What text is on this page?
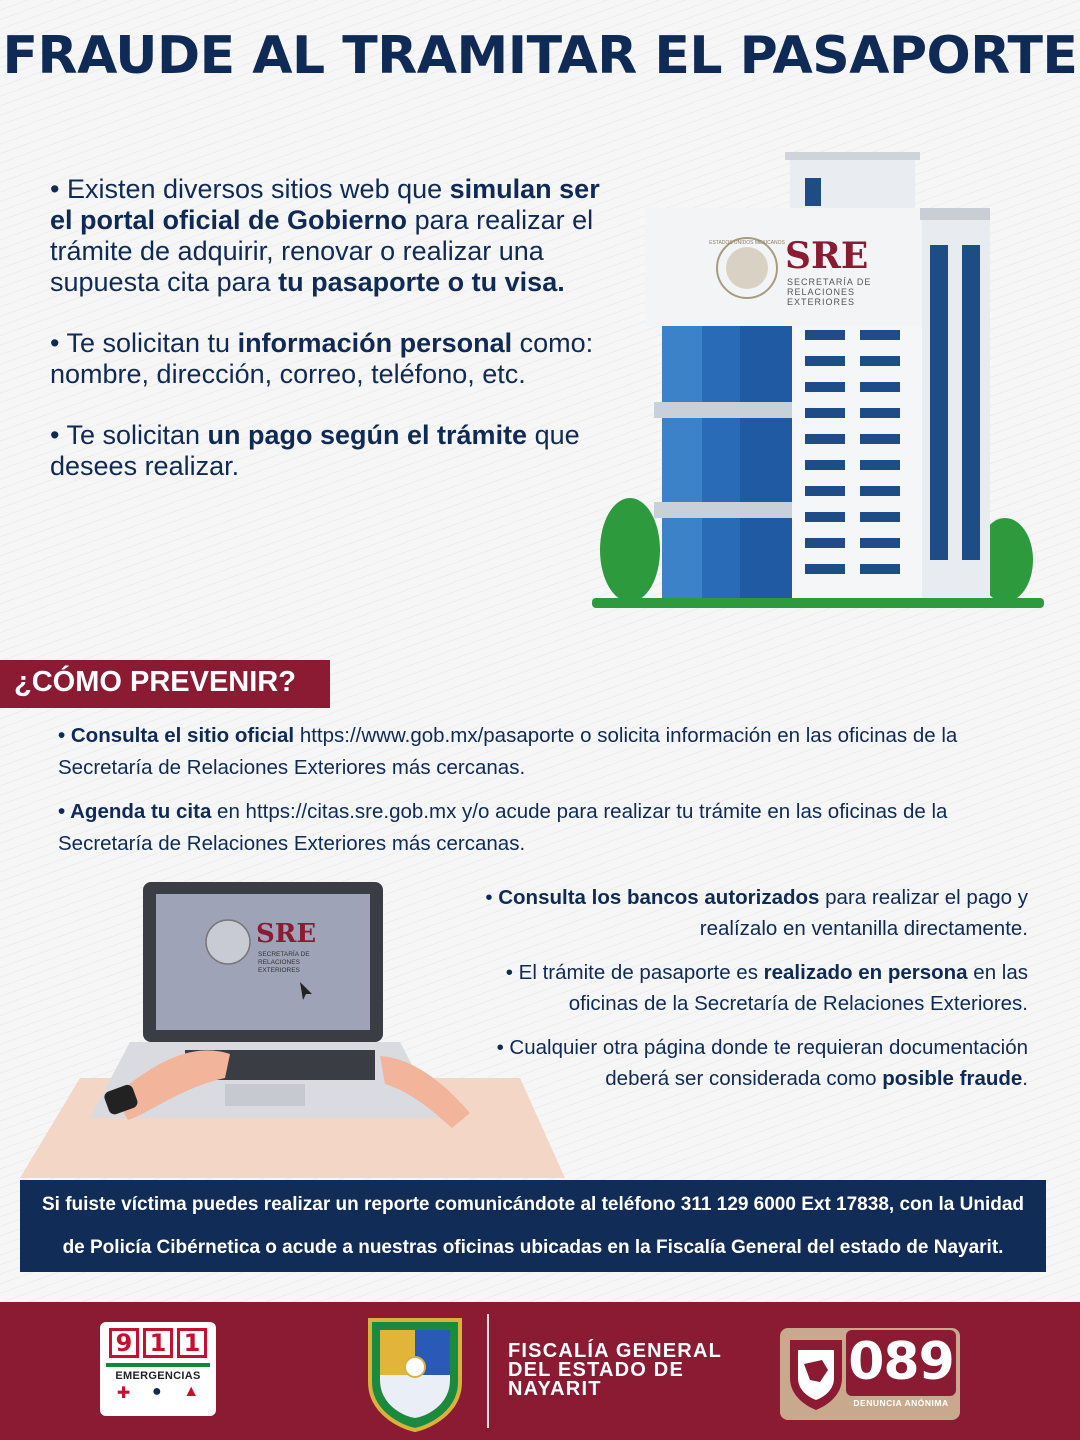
FRAUDE AL TRAMITAR EL PASAPORTE

• Existen diversos sitios web que simulan ser el portal oficial de Gobierno para realizar el trámite de adquirir, renovar o realizar una supuesta cita para tu pasaporte o tu visa.

• Te solicitan tu información personal como: nombre, dirección, correo, teléfono, etc.

• Te solicitan un pago según el trámite que desees realizar.

ESTADOS UNIDOS MEXICANOS SRE
SECRETARÍA DE
RELACIONES
EXTERIORES
¿CÓMO PREVENIR?

• Consulta el sitio oficial https://www.gob.mx/pasaporte o solicita información en las oficinas de la Secretaría de Relaciones Exteriores más cercanas.

• Agenda tu cita en https://citas.sre.gob.mx y/o acude para realizar tu trámite en las oficinas de la Secretaría de Relaciones Exteriores más cercanas.

SRE
SECRETARÍA DE
RELACIONES
EXTERIORES

• Consulta los bancos autorizados para realizar el pago y realízalo en ventanilla directamente.

• El trámite de pasaporte es realizado en persona en las oficinas de la Secretaría de Relaciones Exteriores.

• Cualquier otra página donde te requieran documentación deberá ser considerada como posible fraude.

Si fuiste víctima puedes realizar un reporte comunicándote al teléfono 311 129 6000 Ext 17838, con la Unidad de Policía Cibérnetica o acude a nuestras oficinas ubicadas en la Fiscalía General del estado de Nayarit.
9 1 1
EMERGENCIAS
✚ ● ▲
FISCALÍA GENERAL
DEL ESTADO DE
NAYARIT	089
DENUNCIA ANÓNIMA
